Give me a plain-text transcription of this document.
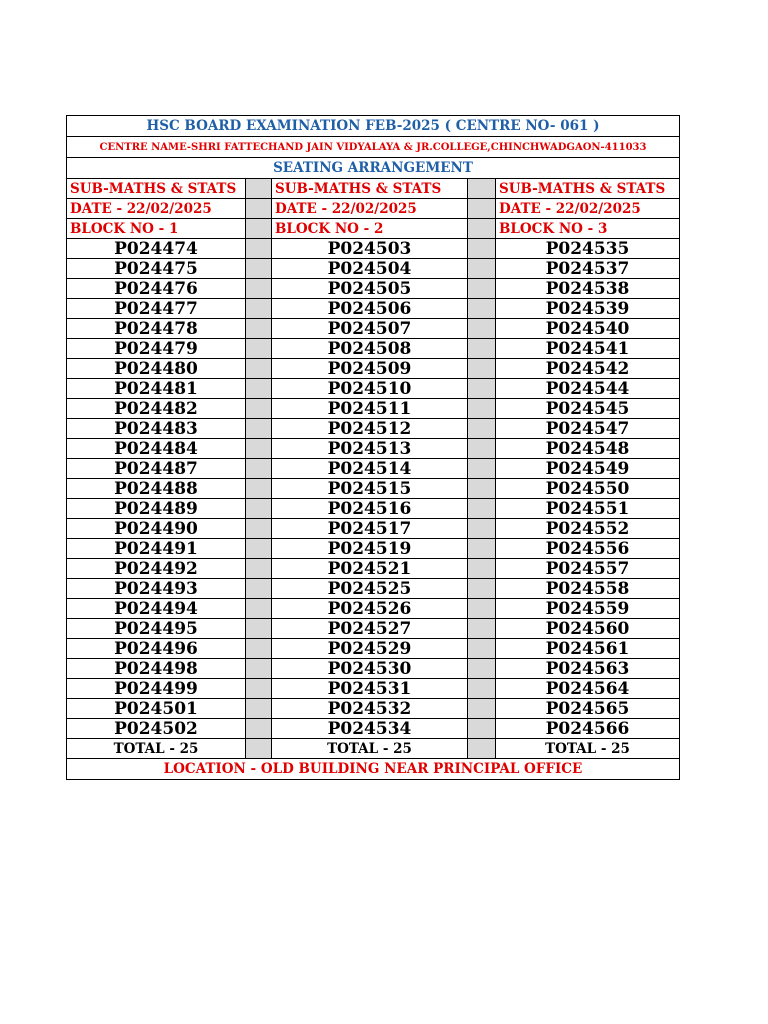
HSC BOARD EXAMINATION FEB-2025 ( CENTRE NO- 061 )
CENTRE NAME-SHRI FATTECHAND JAIN VIDYALAYA & JR.COLLEGE,CHINCHWADGAON-411033
SEATING ARRANGEMENT
SUB-MATHS & STATS	SUB-MATHS & STATS	SUB-MATHS & STATS
DATE - 22/02/2025	DATE - 22/02/2025	DATE - 22/02/2025
BLOCK NO - 1	BLOCK NO - 2	BLOCK NO - 3
P024474	P024503	P024535
P024475	P024504	P024537
P024476	P024505	P024538
P024477	P024506	P024539
P024478	P024507	P024540
P024479	P024508	P024541
P024480	P024509	P024542
P024481	P024510	P024544
P024482	P024511	P024545
P024483	P024512	P024547
P024484	P024513	P024548
P024487	P024514	P024549
P024488	P024515	P024550
P024489	P024516	P024551
P024490	P024517	P024552
P024491	P024519	P024556
P024492	P024521	P024557
P024493	P024525	P024558
P024494	P024526	P024559
P024495	P024527	P024560
P024496	P024529	P024561
P024498	P024530	P024563
P024499	P024531	P024564
P024501	P024532	P024565
P024502	P024534	P024566
TOTAL - 25	TOTAL - 25	TOTAL - 25
LOCATION - OLD BUILDING NEAR PRINCIPAL OFFICE
